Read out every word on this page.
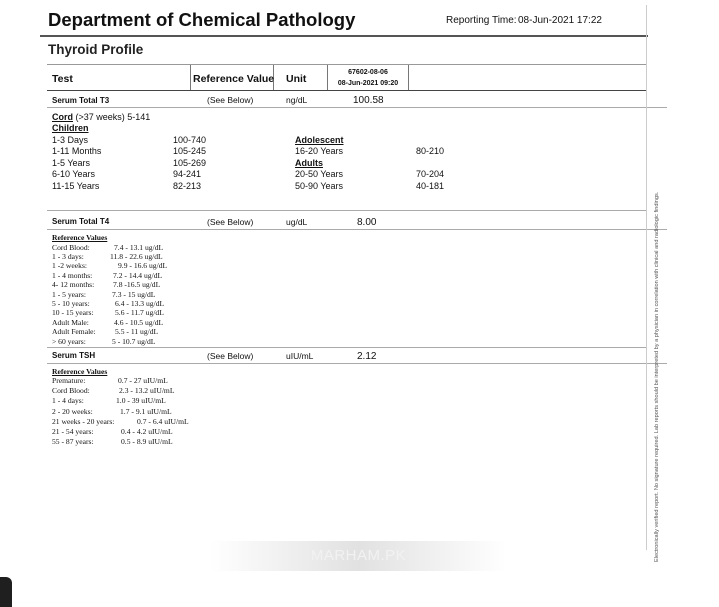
Department of Chemical Pathology	Reporting Time: 08-Jun-2021 17:22
Thyroid Profile
Test	Reference Value Unit
67602-08-06
08-Jun-2021 09:20
Serum Total T3	(See Below)	ng/dL	100.58
Cord (>37 weeks) 5-141
Children
1-3 Days	100-740
1-11 Months	105-245
1-5 Years	105-269
6-10 Years	94-241
11-15 Years	82-213
Adolescent
16-20 Years	80-210
Adults
20-50 Years	70-204
50-90 Years	40-181
Serum Total T4	(See Below)	ug/dL	8.00
Reference Values
Cord Blood:	7.4 - 13.1 ug/dL
1 - 3 days:	11.8 - 22.6 ug/dL
1 -2 weeks:	9.9 - 16.6 ug/dL
1 - 4 months:	7.2 - 14.4 ug/dL
4- 12 months: 7.8 -16.5 ug/dL
1 - 5 years:	7.3 - 15 ug/dL
5 - 10 years:	6.4 - 13.3 ug/dL
10 - 15 years:	5.6 - 11.7 ug/dL
Adult Male:	4.6 - 10.5 ug/dL
Adult Female:	5.5 - 11 ug/dL
> 60 years:	5 - 10.7 ug/dL
Serum TSH	(See Below)	uIU/mL	2.12
Reference Values
Premature:	0.7 - 27 uIU/mL
Cord Blood:	2.3 - 13.2 uIU/mL
1 - 4 days:	1.0 - 39 uIU/mL
2 - 20 weeks:	1.7 - 9.1 uIU/mL
21 weeks - 20 years:	0.7 - 6.4 uIU/mL
21 - 54 years:	0.4 - 4.2 uIU/mL
55 - 87 years:	0.5 - 8.9 uIU/mL	Electronically verified report. No signature required. Lab reports should be interpreted by a physician in correlation with clinical and radiologic findings.
MARHAM.PK
